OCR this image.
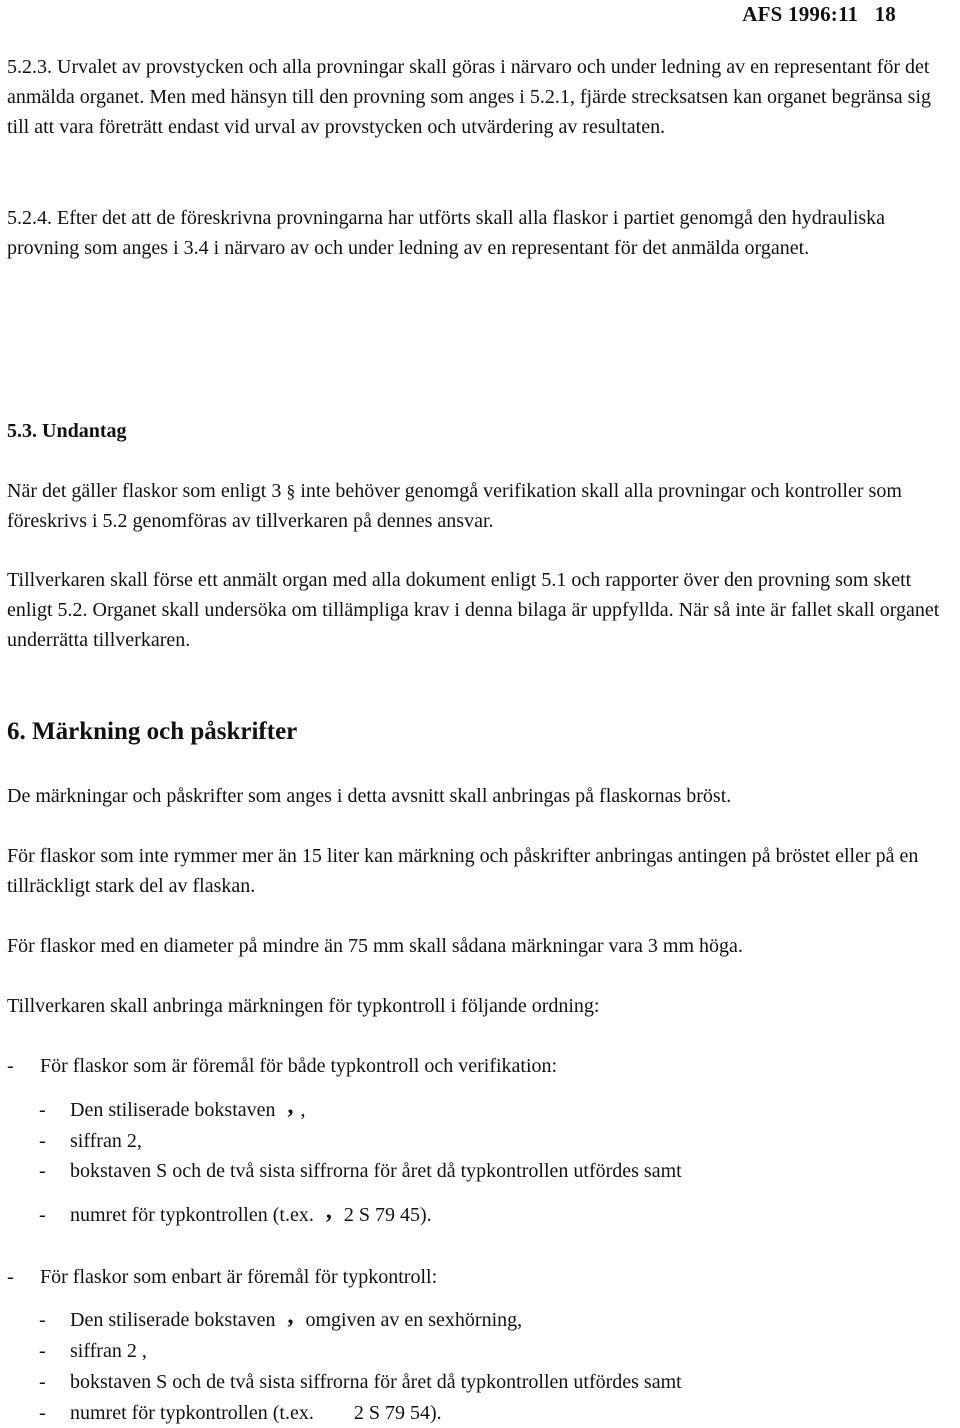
AFS 1996:11 18

5.2.3. Urvalet av provstycken och alla provningar skall göras i närvaro och under ledning av en representant för det anmälda organet. Men med hänsyn till den provning som anges i 5.2.1, fjärde strecksatsen kan organet begränsa sig till att vara företrätt endast vid urval av provstycken och utvärdering av resultaten.

5.2.4. Efter det att de föreskrivna provningarna har utförts skall alla flaskor i partiet genomgå den hydrauliska provning som anges i 3.4 i närvaro av och under ledning av en representant för det anmälda organet.

5.3. Undantag

När det gäller flaskor som enligt 3 § inte behöver genomgå verifikation skall alla provningar och kontroller som föreskrivs i 5.2 genomföras av tillverkaren på dennes ansvar.

Tillverkaren skall förse ett anmält organ med alla dokument enligt 5.1 och rapporter över den provning som skett enligt 5.2. Organet skall undersöka om tillämpliga krav i denna bilaga är uppfyllda. När så inte är fallet skall organet underrätta tillverkaren.

6. Märkning och påskrifter

De märkningar och påskrifter som anges i detta avsnitt skall anbringas på flaskornas bröst.

För flaskor som inte rymmer mer än 15 liter kan märkning och påskrifter anbringas antingen på bröstet eller på en tillräckligt stark del av flaskan.

För flaskor med en diameter på mindre än 75 mm skall sådana märkningar vara 3 mm höga.

Tillverkaren skall anbringa märkningen för typkontroll i följande ordning:

- För flaskor som är föremål för både typkontroll och verifikation:
- Den stiliserade bokstaven , ,
- siffran 2,
- bokstaven S och de två sista siffrorna för året då typkontrollen utfördes samt
- numret för typkontrollen (t.ex. , 2 S 79 45).
- För flaskor som enbart är föremål för typkontroll:
- Den stiliserade bokstaven , omgiven av en sexhörning,
- siffran 2 ,
- bokstaven S och de två sista siffrorna för året då typkontrollen utfördes samt
- numret för typkontrollen (t.ex. 2 S 79 54).
